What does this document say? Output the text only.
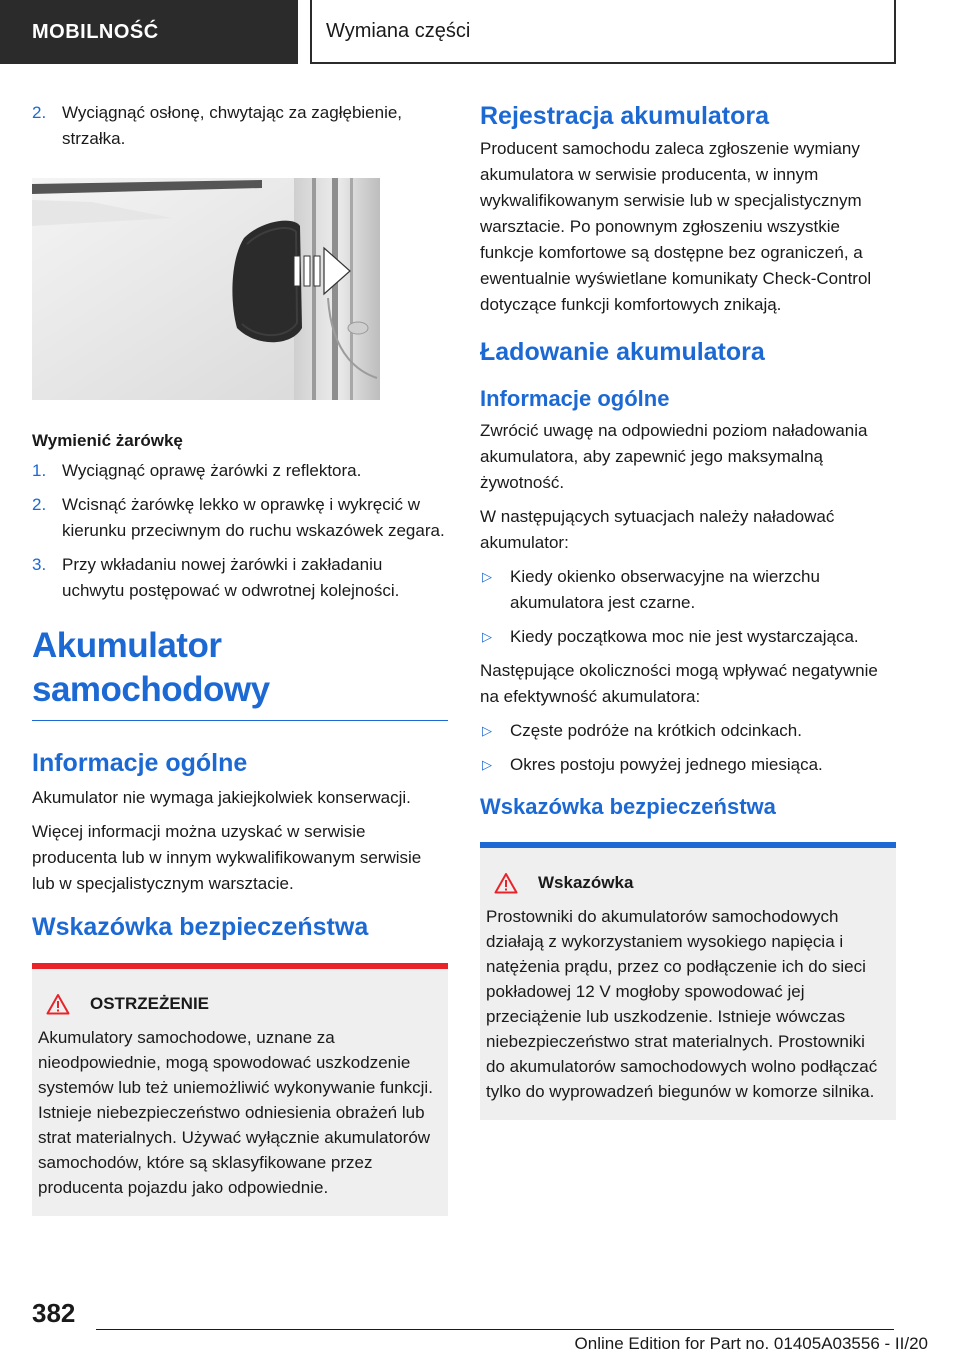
MOBILNOŚĆ	Wymiana części
2. Wyciągnąć osłonę, chwytając za zagłębienie, strzałka.
Wymienić żarówkę
1. Wyciągnąć oprawę żarówki z reflektora.
2. Wcisnąć żarówkę lekko w oprawkę i wykręcić w kierunku przeciwnym do ruchu wskazówek zegara.
3. Przy wkładaniu nowej żarówki i zakładaniu uchwytu postępować w odwrotnej kolejności.
Akumulator samochodowy
Informacje ogólne

Akumulator nie wymaga jakiejkolwiek konserwacji.

Więcej informacji można uzyskać w serwisie producenta lub w innym wykwalifikowanym serwisie lub w specjalistycznym warsztacie.

Wskazówka bezpieczeństwa
OSTRZEŻENIE

Akumulatory samochodowe, uznane za nieodpowiednie, mogą spowodować uszkodzenie systemów lub też uniemożliwić wykonywanie funkcji. Istnieje niebezpieczeństwo odniesienia obrażeń lub strat materialnych. Używać wyłącznie akumulatorów samochodów, które są sklasyfikowane przez producenta pojazdu jako odpowiednie.

Rejestracja akumulatora

Producent samochodu zaleca zgłoszenie wymiany akumulatora w serwisie producenta, w innym wykwalifikowanym serwisie lub w specjalistycznym warsztacie. Po ponownym zgłoszeniu wszystkie funkcje komfortowe są dostępne bez ograniczeń, a ewentualnie wyświetlane komunikaty Check-Control dotyczące funkcji komfortowych znikają.

Ładowanie akumulatora
Informacje ogólne

Zwrócić uwagę na odpowiedni poziom naładowania akumulatora, aby zapewnić jego maksymalną żywotność.

W następujących sytuacjach należy naładować akumulator:

▷ Kiedy okienko obserwacyjne na wierzchu akumulatora jest czarne.
▷ Kiedy początkowa moc nie jest wystarczająca.

Następujące okoliczności mogą wpływać negatywnie na efektywność akumulatora:

▷ Częste podróże na krótkich odcinkach.
▷ Okres postoju powyżej jednego miesiąca.
Wskazówka bezpieczeństwa
Wskazówka

Prostowniki do akumulatorów samochodowych działają z wykorzystaniem wysokiego napięcia i natężenia prądu, przez co podłączenie ich do sieci pokładowej 12 V mogłoby spowodować jej przeciążenie lub uszkodzenie. Istnieje wówczas niebezpieczeństwo strat materialnych. Prostowniki do akumulatorów samochodowych wolno podłączać tylko do wyprowadzeń biegunów w komorze silnika.

382
Online Edition for Part no. 01405A03556 - II/20
